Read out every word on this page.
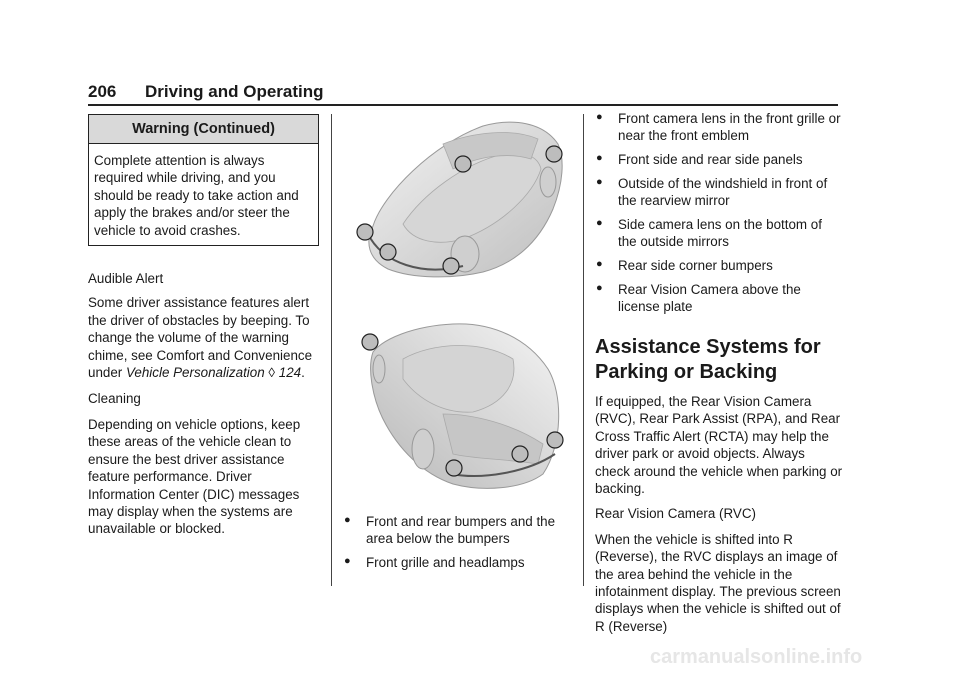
206 Driving and Operating
Warning (Continued)
Complete attention is always required while driving, and you should be ready to take action and apply the brakes and/or steer the vehicle to avoid crashes.

Audible Alert

Some driver assistance features alert the driver of obstacles by beeping. To change the volume of the warning chime, see Comfort and Convenience under Vehicle Personalization ◊ 124.

Cleaning

Depending on vehicle options, keep these areas of the vehicle clean to ensure the best driver assistance feature performance. Driver Information Center (DIC) messages may display when the systems are unavailable or blocked.

● Front and rear bumpers and the area below the bumpers
● Front grille and headlamps
● Front camera lens in the front grille or near the front emblem
● Front side and rear side panels
● Outside of the windshield in front of the rearview mirror
● Side camera lens on the bottom of the outside mirrors
● Rear side corner bumpers
● Rear Vision Camera above the license plate

Assistance Systems for Parking or Backing

If equipped, the Rear Vision Camera (RVC), Rear Park Assist (RPA), and Rear Cross Traffic Alert (RCTA) may help the driver park or avoid objects. Always check around the vehicle when parking or backing.

Rear Vision Camera (RVC)

When the vehicle is shifted into R (Reverse), the RVC displays an image of the area behind the vehicle in the infotainment display. The previous screen displays when the vehicle is shifted out of R (Reverse)

carmanualsonline.info
